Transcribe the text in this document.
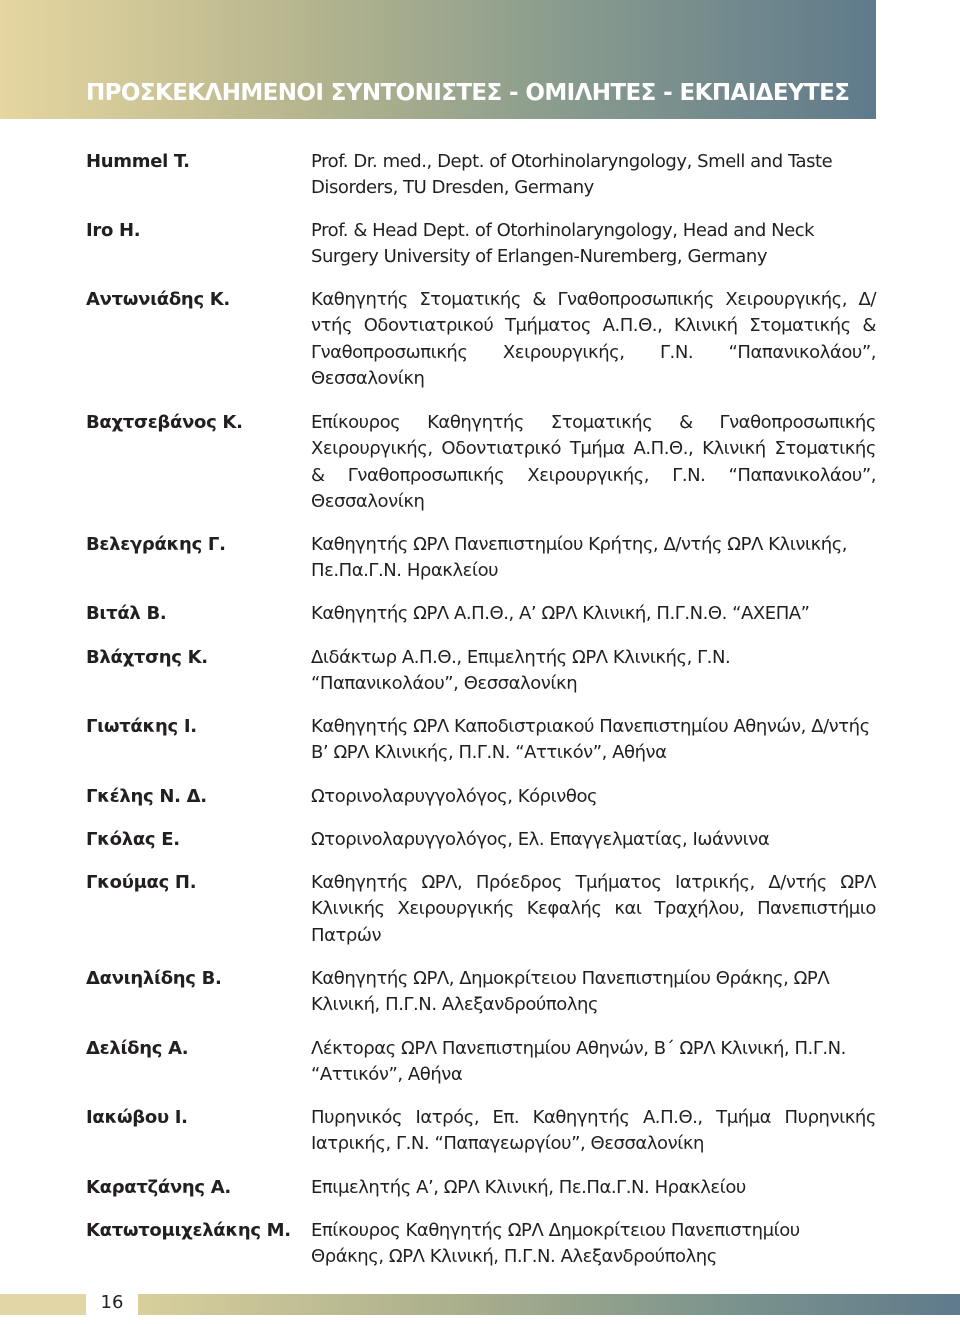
ΠΡΟΣΚΕΚΛΗΜΕΝΟΙ ΣΥΝΤΟΝΙΣΤΕΣ - ΟΜΙΛΗΤΕΣ - ΕΚΠΑΙΔΕΥΤΕΣ
Hummel T.	Prof. Dr. med., Dept. of Otorhinolaryngology, Smell and Taste Disorders, TU Dresden, Germany
Iro H.	Prof. & Head Dept. of Otorhinolaryngology, Head and Neck Surgery University of Erlangen-Nuremberg, Germany
Αντωνιάδης Κ.	Καθηγητής Στοματικής & Γναθοπροσωπικής Χειρουργικής, Δ/ντής Οδοντιατρικού Τμήματος Α.Π.Θ., Κλινική Στοματικής & Γναθοπροσωπικής Χειρουργικής, Γ.Ν. “Παπανικολάου”, Θεσσαλονίκη
Βαχτσεβάνος Κ.	Επίκουρος Καθηγητής Στοματικής & Γναθοπροσωπικής Χειρουργικής, Οδοντιατρικό Τμήμα Α.Π.Θ., Κλινική Στοματικής & Γναθοπροσωπικής Χειρουργικής, Γ.Ν. “Παπανικολάου”, Θεσσαλονίκη
Βελεγράκης Γ.	Καθηγητής ΩΡΛ Πανεπιστημίου Κρήτης, Δ/ντής ΩΡΛ Κλινικής, Πε.Πα.Γ.Ν. Ηρακλείου
Βιτάλ Β.	Καθηγητής ΩΡΛ Α.Π.Θ., Α’ ΩΡΛ Κλινική, Π.Γ.Ν.Θ. “ΑΧΕΠΑ”
Βλάχτσης Κ.	Διδάκτωρ Α.Π.Θ., Επιμελητής ΩΡΛ Κλινικής, Γ.Ν. “Παπανικολάου”, Θεσσαλονίκη
Γιωτάκης Ι.	Καθηγητής ΩΡΛ Καποδιστριακού Πανεπιστημίου Αθηνών, Δ/ντής Β’ ΩΡΛ Κλινικής, Π.Γ.Ν. “Αττικόν”, Αθήνα
Γκέλης Ν. Δ.	Ωτορινολαρυγγολόγος, Κόρινθος
Γκόλας Ε.	Ωτορινολαρυγγολόγος, Ελ. Επαγγελματίας, Ιωάννινα
Γκούμας Π.	Καθηγητής ΩΡΛ, Πρόεδρος Τμήματος Ιατρικής, Δ/ντής ΩΡΛ Κλινικής Χειρουργικής Κεφαλής και Τραχήλου, Πανεπιστήμιο Πατρών
Δανιηλίδης Β.	Καθηγητής ΩΡΛ, Δημοκρίτειου Πανεπιστημίου Θράκης, ΩΡΛ Κλινική, Π.Γ.Ν. Αλεξανδρούπολης
Δελίδης Α.	Λέκτορας ΩΡΛ Πανεπιστημίου Αθηνών, Β΄ ΩΡΛ Κλινική, Π.Γ.Ν. “Αττικόν”, Αθήνα
Ιακώβου Ι.	Πυρηνικός Ιατρός, Επ. Καθηγητής Α.Π.Θ., Τμήμα Πυρηνικής Ιατρικής, Γ.Ν. “Παπαγεωργίου”, Θεσσαλονίκη
Καρατζάνης Α.	Επιμελητής Α’, ΩΡΛ Κλινική, Πε.Πα.Γ.Ν. Ηρακλείου
Κατωτομιχελάκης Μ.	Επίκουρος Καθηγητής ΩΡΛ Δημοκρίτειου Πανεπιστημίου Θράκης, ΩΡΛ Κλινική, Π.Γ.Ν. Αλεξανδρούπολης
16
